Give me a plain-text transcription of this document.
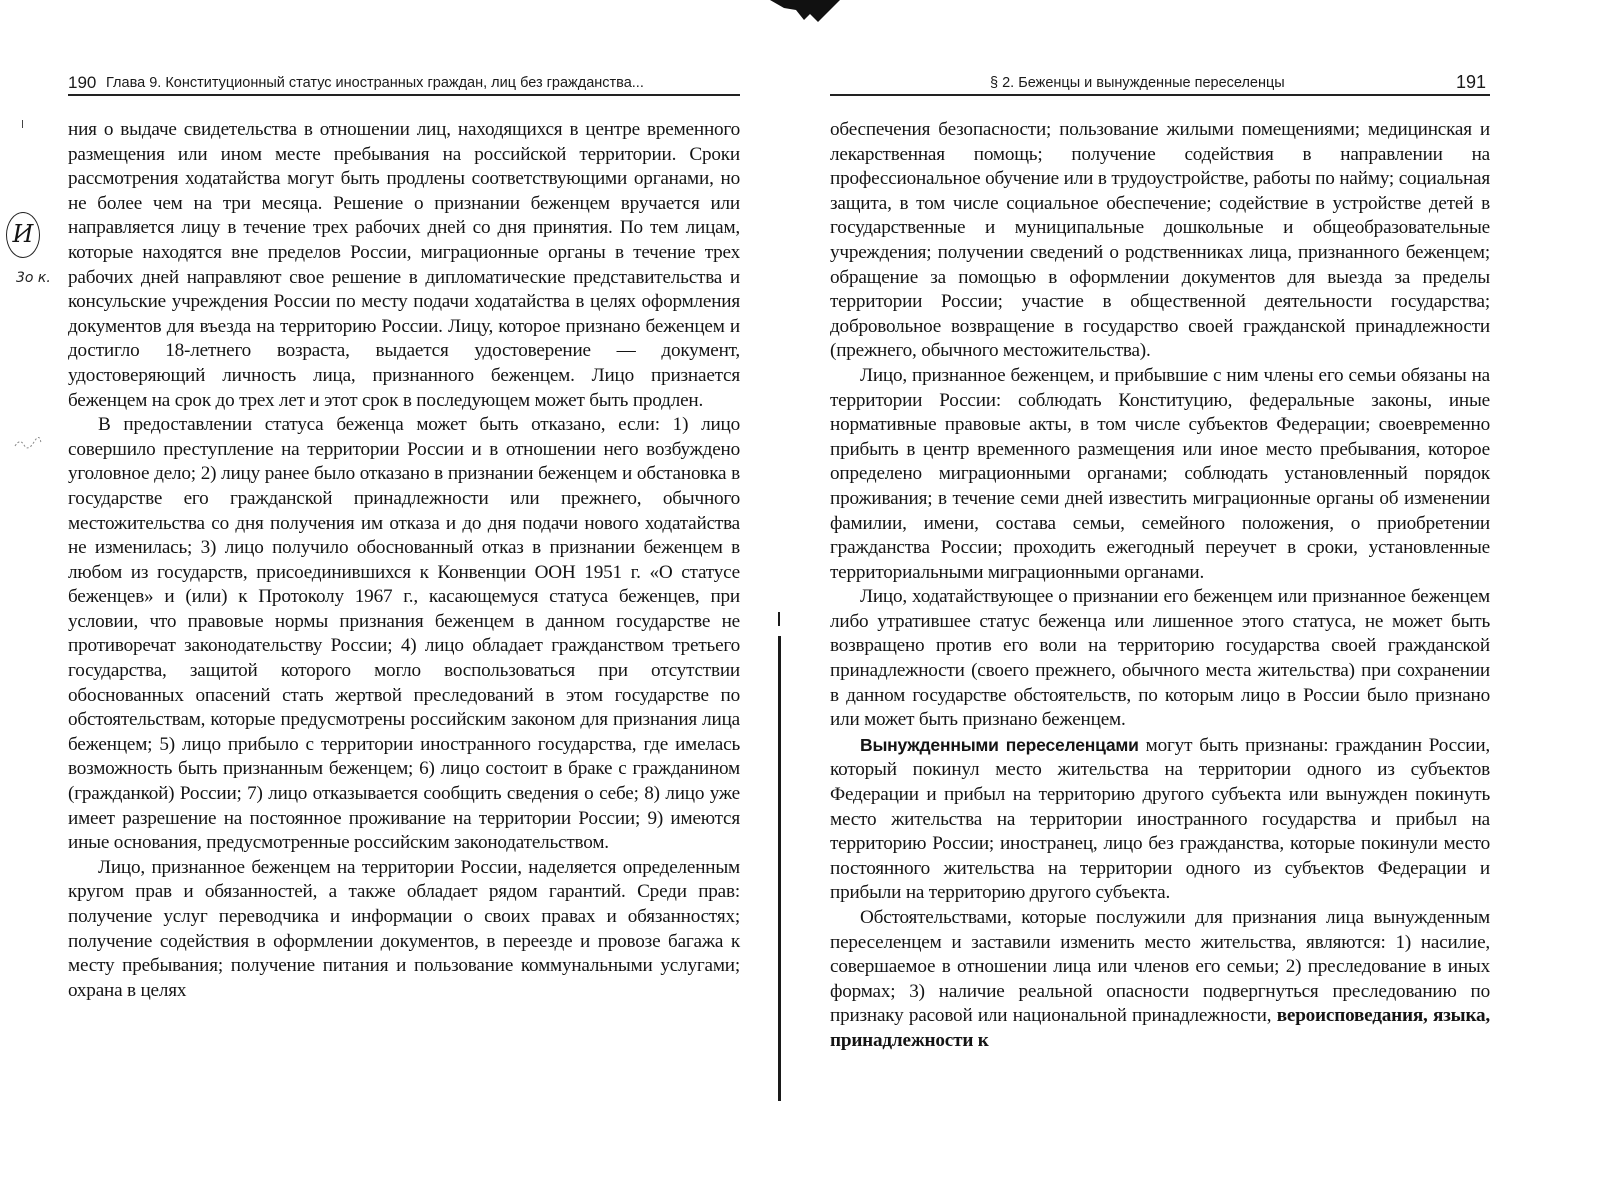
190 Глава 9. Конституционный статус иностранных граждан, лиц без гражданства...

ния о выдаче свидетельства в отношении лиц, находящихся в центре временного размещения или ином месте пребывания на российской территории. Сроки рассмотрения ходатайства могут быть продлены соответствующими органами, но не более чем на три месяца. Решение о признании беженцем вручается или направляется лицу в течение трех рабочих дней со дня принятия. По тем лицам, которые находятся вне пределов России, миграционные органы в течение трех рабочих дней направляют свое решение в дипломатические представительства и консульские учреждения России по месту подачи ходатайства в целях оформления документов для въезда на территорию России. Лицу, которое признано беженцем и достигло 18-летнего возраста, выдается удостоверение — документ, удостоверяющий личность лица, признанного беженцем. Лицо признается беженцем на срок до трех лет и этот срок в последующем может быть продлен.

В предоставлении статуса беженца может быть отказано, если: 1) лицо совершило преступление на территории России и в отношении него возбуждено уголовное дело; 2) лицу ранее было отказано в признании беженцем и обстановка в государстве его гражданской принадлежности или прежнего, обычного местожительства со дня получения им отказа и до дня подачи нового ходатайства не изменилась; 3) лицо получило обоснованный отказ в признании беженцем в любом из государств, присоединившихся к Конвенции ООН 1951 г. «О статусе беженцев» и (или) к Протоколу 1967 г., касающемуся статуса беженцев, при условии, что правовые нормы признания беженцем в данном государстве не противоречат законодательству России; 4) лицо обладает гражданством третьего государства, защитой которого могло воспользоваться при отсутствии обоснованных опасений стать жертвой преследований в этом государстве по обстоятельствам, которые предусмотрены российским законом для признания лица беженцем; 5) лицо прибыло с территории иностранного государства, где имелась возможность быть признанным беженцем; 6) лицо состоит в браке с гражданином (гражданкой) России; 7) лицо отказывается сообщить сведения о себе; 8) лицо уже имеет разрешение на постоянное проживание на территории России; 9) имеются иные основания, предусмотренные российским законодательством.

Лицо, признанное беженцем на территории России, наделяется определенным кругом прав и обязанностей, а также обладает рядом гарантий. Среди прав: получение услуг переводчика и информации о своих правах и обязанностях; получение содействия в оформлении документов, в переезде и провозе багажа к месту пребывания; получение питания и пользование коммунальными услугами; охрана в целях

И
3о к.
§ 2. Беженцы и вынужденные переселенцы	191

обеспечения безопасности; пользование жилыми помещениями; медицинская и лекарственная помощь; получение содействия в направлении на профессиональное обучение или в трудоустройстве, работы по найму; социальная защита, в том числе социальное обеспечение; содействие в устройстве детей в государственные и муниципальные дошкольные и общеобразовательные учреждения; получении сведений о родственниках лица, признанного беженцем; обращение за помощью в оформлении документов для выезда за пределы территории России; участие в общественной деятельности государства; добровольное возвращение в государство своей гражданской принадлежности (прежнего, обычного местожительства).

Лицо, признанное беженцем, и прибывшие с ним члены его семьи обязаны на территории России: соблюдать Конституцию, федеральные законы, иные нормативные правовые акты, в том числе субъектов Федерации; своевременно прибыть в центр временного размещения или иное место пребывания, которое определено миграционными органами; соблюдать установленный порядок проживания; в течение семи дней известить миграционные органы об изменении фамилии, имени, состава семьи, семейного положения, о приобретении гражданства России; проходить ежегодный переучет в сроки, установленные территориальными миграционными органами.

Лицо, ходатайствующее о признании его беженцем или признанное беженцем либо утратившее статус беженца или лишенное этого статуса, не может быть возвращено против его воли на территорию государства своей гражданской принадлежности (своего прежнего, обычного места жительства) при сохранении в данном государстве обстоятельств, по которым лицо в России было признано или может быть признано беженцем.

Вынужденными переселенцами могут быть признаны: гражданин России, который покинул место жительства на территории одного из субъектов Федерации и прибыл на территорию другого субъекта или вынужден покинуть место жительства на территории иностранного государства и прибыл на территорию России; иностранец, лицо без гражданства, которые покинули место постоянного жительства на территории одного из субъектов Федерации и прибыли на территорию другого субъекта.

Обстоятельствами, которые послужили для признания лица вынужденным переселенцем и заставили изменить место жительства, являются: 1) насилие, совершаемое в отношении лица или членов его семьи; 2) преследование в иных формах; 3) наличие реальной опасности подвергнуться преследованию по признаку расовой или национальной принадлежности, вероисповедания, языка, принадлежности к
